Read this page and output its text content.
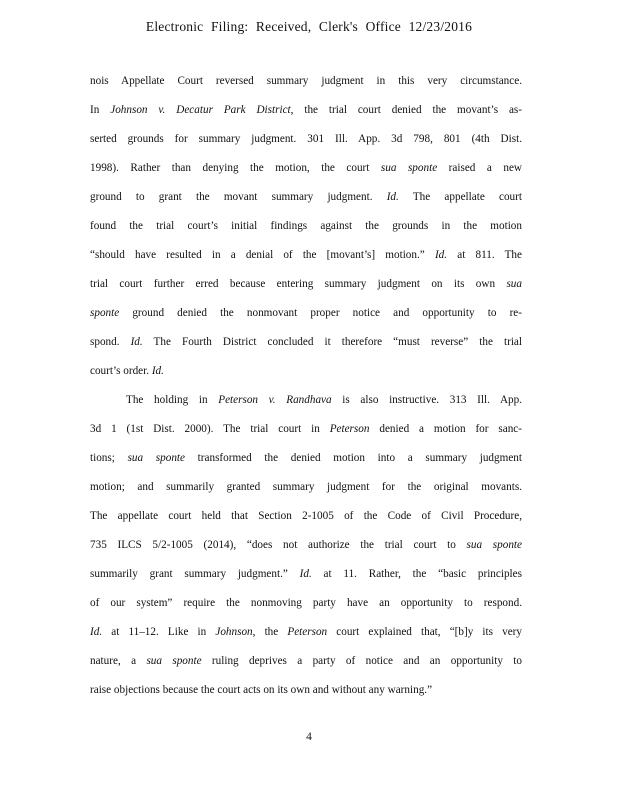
Electronic Filing: Received, Clerk's Office 12/23/2016
nois Appellate Court reversed summary judgment in this very circumstance.
In Johnson v. Decatur Park District, the trial court denied the movant’s as-
serted grounds for summary judgment. 301 Ill. App. 3d 798, 801 (4th Dist.
1998). Rather than denying the motion, the court sua sponte raised a new
ground to grant the movant summary judgment. Id. The appellate court
found the trial court’s initial findings against the grounds in the motion
“should have resulted in a denial of the [movant’s] motion.” Id. at 811. The
trial court further erred because entering summary judgment on its own sua
sponte ground denied the nonmovant proper notice and opportunity to re-
spond. Id. The Fourth District concluded it therefore “must reverse” the trial
court’s order. Id.
The holding in Peterson v. Randhava is also instructive. 313 Ill. App.
3d 1 (1st Dist. 2000). The trial court in Peterson denied a motion for sanc-
tions; sua sponte transformed the denied motion into a summary judgment
motion; and summarily granted summary judgment for the original movants.
The appellate court held that Section 2-1005 of the Code of Civil Procedure,
735 ILCS 5/2-1005 (2014), “does not authorize the trial court to sua sponte
summarily grant summary judgment.” Id. at 11. Rather, the “basic principles
of our system” require the nonmoving party have an opportunity to respond.
Id. at 11–12. Like in Johnson, the Peterson court explained that, “[b]y its very
nature, a sua sponte ruling deprives a party of notice and an opportunity to
raise objections because the court acts on its own and without any warning.”
4
